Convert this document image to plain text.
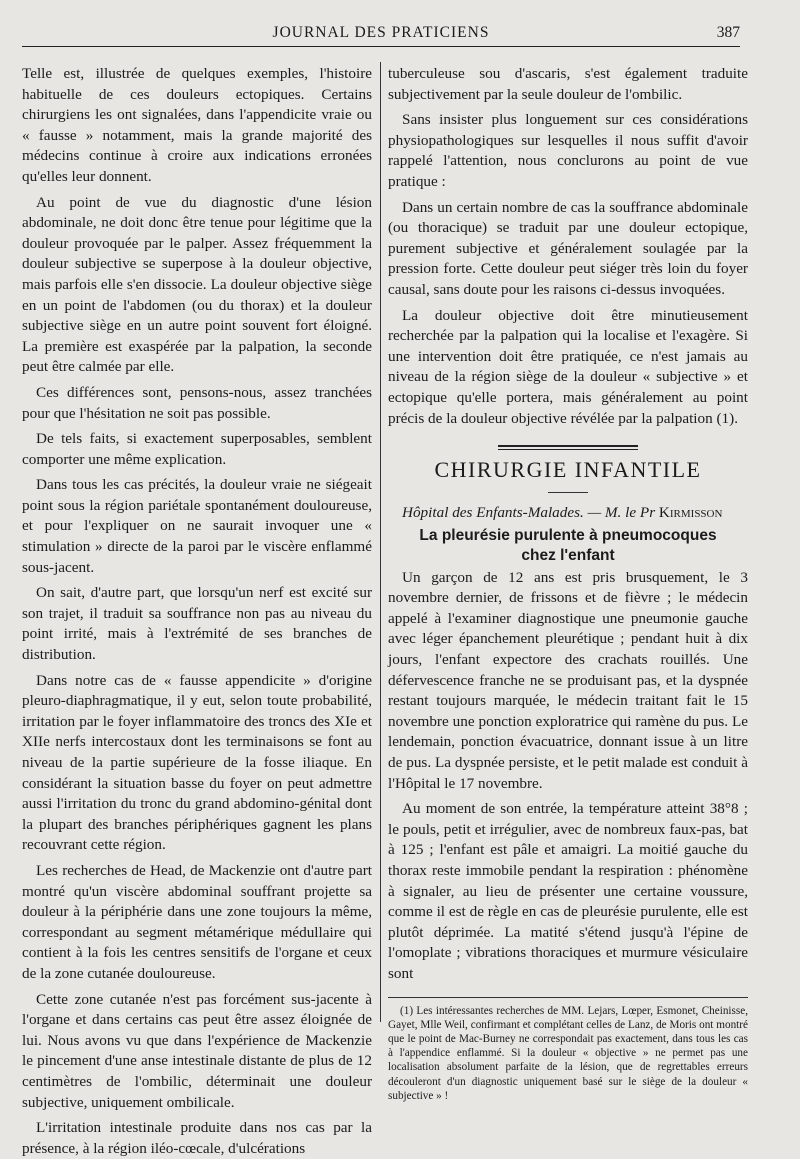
JOURNAL DES PRATICIENS	387

Telle est, illustrée de quelques exemples, l'histoire habituelle de ces douleurs ectopiques. Certains chirurgiens les ont signalées, dans l'appendicite vraie ou « fausse » notamment, mais la grande majorité des médecins continue à croire aux indications erronées qu'elles leur donnent.

Au point de vue du diagnostic d'une lésion abdominale, ne doit donc être tenue pour légitime que la douleur provoquée par le palper. Assez fréquemment la douleur subjective se superpose à la douleur objective, mais parfois elle s'en dissocie. La douleur objective siège en un point de l'abdomen (ou du thorax) et la douleur subjective siège en un autre point souvent fort éloigné. La première est exaspérée par la palpation, la seconde peut être calmée par elle.

Ces différences sont, pensons-nous, assez tranchées pour que l'hésitation ne soit pas possible.

De tels faits, si exactement superposables, semblent comporter une même explication.

Dans tous les cas précités, la douleur vraie ne siégeait point sous la région pariétale spontanément douloureuse, et pour l'expliquer on ne saurait invoquer une « stimulation » directe de la paroi par le viscère enflammé sous-jacent.

On sait, d'autre part, que lorsqu'un nerf est excité sur son trajet, il traduit sa souffrance non pas au niveau du point irrité, mais à l'extrémité de ses branches de distribution.

Dans notre cas de « fausse appendicite » d'origine pleuro-diaphragmatique, il y eut, selon toute probabilité, irritation par le foyer inflammatoire des troncs des XIe et XIIe nerfs intercostaux dont les terminaisons se font au niveau de la partie supérieure de la fosse iliaque. En considérant la situation basse du foyer on peut admettre aussi l'irritation du tronc du grand abdomino-génital dont la plupart des branches périphériques gagnent les plans recouvrant cette région.

Les recherches de Head, de Mackenzie ont d'autre part montré qu'un viscère abdominal souffrant projette sa douleur à la périphérie dans une zone toujours la même, correspondant au segment métamérique médullaire qui contient à la fois les centres sensitifs de l'organe et ceux de la zone cutanée douloureuse.

Cette zone cutanée n'est pas forcément sus-jacente à l'organe et dans certains cas peut être assez éloignée de lui. Nous avons vu que dans l'expérience de Mackenzie le pincement d'une anse intestinale distante de plus de 12 centimètres de l'ombilic, déterminait une douleur subjective, uniquement ombilicale.

L'irritation intestinale produite dans nos cas par la présence, à la région iléo-cœcale, d'ulcérations

tuberculeuse sou d'ascaris, s'est également traduite subjectivement par la seule douleur de l'ombilic.

Sans insister plus longuement sur ces considérations physiopathologiques sur lesquelles il nous suffit d'avoir rappelé l'attention, nous conclurons au point de vue pratique :

Dans un certain nombre de cas la souffrance abdominale (ou thoracique) se traduit par une douleur ectopique, purement subjective et généralement soulagée par la pression forte. Cette douleur peut siéger très loin du foyer causal, sans doute pour les raisons ci-dessus invoquées.

La douleur objective doit être minutieusement recherchée par la palpation qui la localise et l'exagère. Si une intervention doit être pratiquée, ce n'est jamais au niveau de la région siège de la douleur « subjective » et ectopique qu'elle portera, mais généralement au point précis de la douleur objective révélée par la palpation (1).

CHIRURGIE INFANTILE

Hôpital des Enfants-Malades. — M. le Pr Kirmisson

La pleurésie purulente à pneumocoques
chez l'enfant

Un garçon de 12 ans est pris brusquement, le 3 novembre dernier, de frissons et de fièvre ; le médecin appelé à l'examiner diagnostique une pneumonie gauche avec léger épanchement pleurétique ; pendant huit à dix jours, l'enfant expectore des crachats rouillés. Une défervescence franche ne se produisant pas, et la dyspnée restant toujours marquée, le médecin traitant fait le 15 novembre une ponction exploratrice qui ramène du pus. Le lendemain, ponction évacuatrice, donnant issue à un litre de pus. La dyspnée persiste, et le petit malade est conduit à l'Hôpital le 17 novembre.

Au moment de son entrée, la température atteint 38°8 ; le pouls, petit et irrégulier, avec de nombreux faux-pas, bat à 125 ; l'enfant est pâle et amaigri. La moitié gauche du thorax reste immobile pendant la respiration : phénomène à signaler, au lieu de présenter une certaine voussure, comme il est de règle en cas de pleurésie purulente, elle est plutôt déprimée. La matité s'étend jusqu'à l'épine de l'omoplate ; vibrations thoraciques et murmure vésiculaire sont

(1) Les intéressantes recherches de MM. Lejars, Lœper, Esmonet, Cheinisse, Gayet, Mlle Weil, confirmant et complétant celles de Lanz, de Moris ont montré que le point de Mac-Burney ne correspondait pas exactement, dans tous les cas à l'appendice enflammé. Si la douleur « objective » ne permet pas une localisation absolument parfaite de la lésion, que de regrettables erreurs découleront d'un diagnostic uniquement basé sur le siège de la douleur « subjective » !
